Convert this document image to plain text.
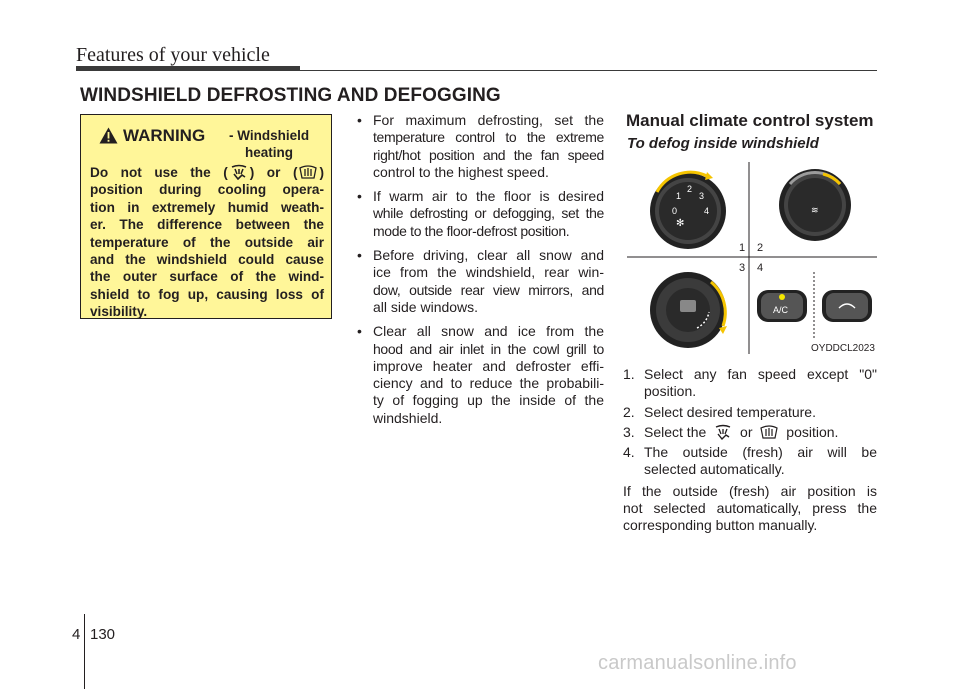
Features of your vehicle
WINDSHIELD DEFROSTING AND DEFOGGING
WARNING - Windshield
heating
Do not use the ( ) or ( )
position during cooling opera-
tion in extremely humid weath-
er. The difference between the
temperature of the outside air
and the windshield could cause
the outer surface of the wind-
shield to fog up, causing loss of
visibility.
• For maximum defrosting, set the
temperature control to the extreme
right/hot position and the fan speed
control to the highest speed.
• If warm air to the floor is desired
while defrosting or defogging, set the
mode to the floor-defrost position.
• Before driving, clear all snow and
ice from the windshield, rear win-
dow, outside rear view mirrors, and
all side windows.
• Clear all snow and ice from the
hood and air inlet in the cowl grill to
improve heater and defroster effi-
ciency and to reduce the probabili-
ty of fogging up the inside of the
windshield.
Manual climate control system
To defog inside windshield
0
1
2
3
4
✻
≋
1 2
3 4
A/C
OYDDCL2023
1. Select any fan speed except "0"
position.
2. Select desired temperature.
3. Select the or position.
4. The outside (fresh) air will be
selected automatically.
If the outside (fresh) air position is
not selected automatically, press the
corresponding button manually.
4 130
carmanualsonline.info
